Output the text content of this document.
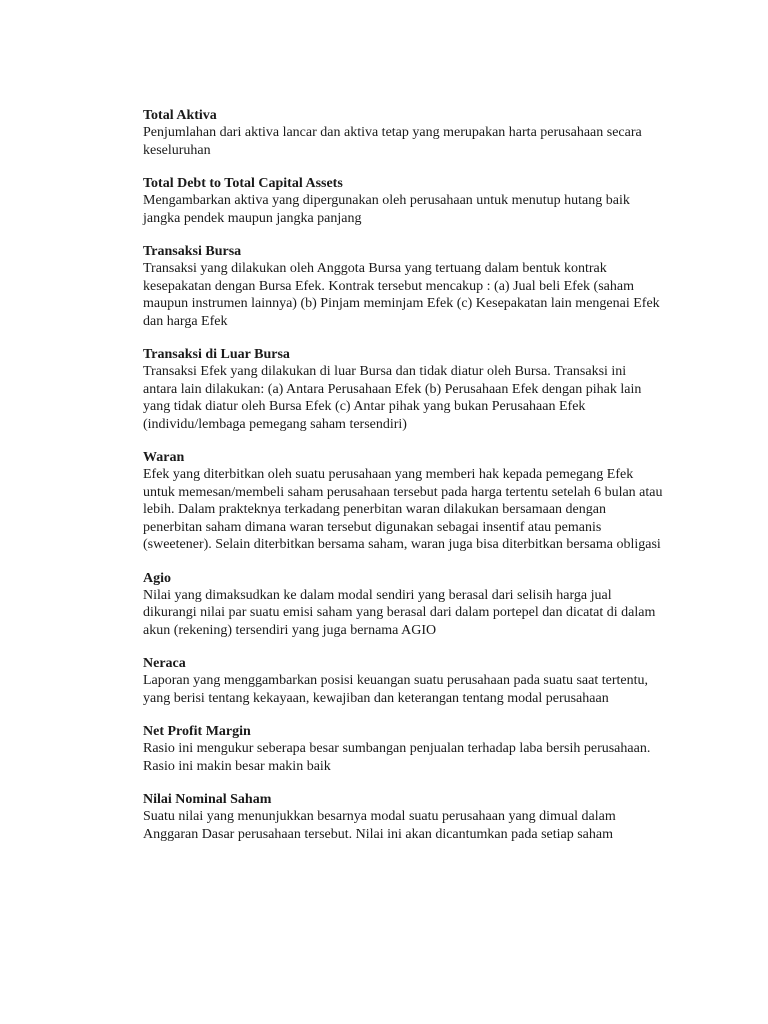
Total Aktiva

Penjumlahan dari aktiva lancar dan aktiva tetap yang merupakan harta perusahaan secara keseluruhan

Total Debt to Total Capital Assets

Mengambarkan aktiva yang dipergunakan oleh perusahaan untuk menutup hutang baik jangka pendek maupun jangka panjang

Transaksi Bursa

Transaksi yang dilakukan oleh Anggota Bursa yang tertuang dalam bentuk kontrak kesepakatan dengan Bursa Efek. Kontrak tersebut mencakup : (a) Jual beli Efek (saham maupun instrumen lainnya) (b) Pinjam meminjam Efek (c) Kesepakatan lain mengenai Efek dan harga Efek

Transaksi di Luar Bursa

Transaksi Efek yang dilakukan di luar Bursa dan tidak diatur oleh Bursa. Transaksi ini antara lain dilakukan: (a) Antara Perusahaan Efek (b) Perusahaan Efek dengan pihak lain yang tidak diatur oleh Bursa Efek (c) Antar pihak yang bukan Perusahaan Efek (individu/lembaga pemegang saham tersendiri)

Waran

Efek yang diterbitkan oleh suatu perusahaan yang memberi hak kepada pemegang Efek untuk memesan/membeli saham perusahaan tersebut pada harga tertentu setelah 6 bulan atau lebih. Dalam prakteknya terkadang penerbitan waran dilakukan bersamaan dengan penerbitan saham dimana waran tersebut digunakan sebagai insentif atau pemanis (sweetener). Selain diterbitkan bersama saham, waran juga bisa diterbitkan bersama obligasi

Agio

Nilai yang dimaksudkan ke dalam modal sendiri yang berasal dari selisih harga jual dikurangi nilai par suatu emisi saham yang berasal dari dalam portepel dan dicatat di dalam akun (rekening) tersendiri yang juga bernama AGIO

Neraca

Laporan yang menggambarkan posisi keuangan suatu perusahaan pada suatu saat tertentu, yang berisi tentang kekayaan, kewajiban dan keterangan tentang modal perusahaan

Net Profit Margin

Rasio ini mengukur seberapa besar sumbangan penjualan terhadap laba bersih perusahaan. Rasio ini makin besar makin baik

Nilai Nominal Saham

Suatu nilai yang menunjukkan besarnya modal suatu perusahaan yang dimual dalam Anggaran Dasar perusahaan tersebut. Nilai ini akan dicantumkan pada setiap saham
